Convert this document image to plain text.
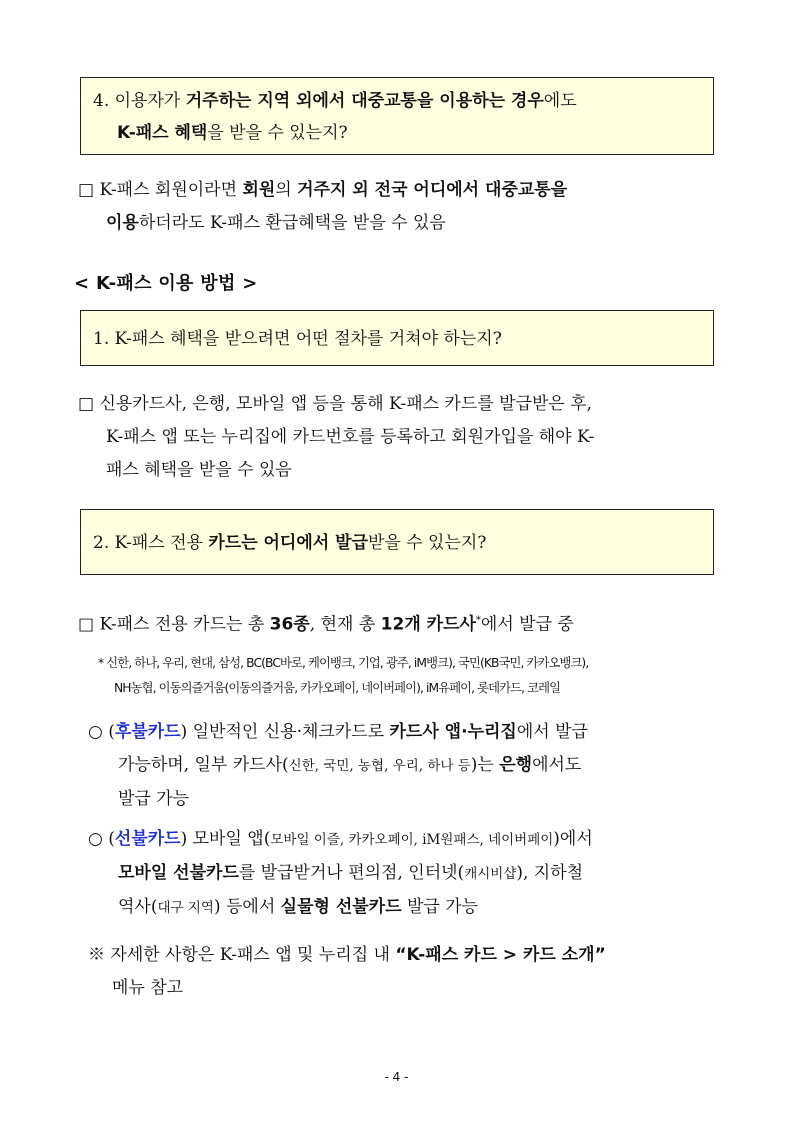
4. 이용자가 거주하는 지역 외에서 대중교통을 이용하는 경우에도
K-패스 혜택을 받을 수 있는지?
□ K-패스 회원이라면 회원의 거주지 외 전국 어디에서 대중교통을
이용하더라도 K-패스 환급혜택을 받을 수 있음
< K-패스 이용 방법 >
1. K-패스 혜택을 받으려면 어떤 절차를 거쳐야 하는지?
□ 신용카드사, 은행, 모바일 앱 등을 통해 K-패스 카드를 발급받은 후,
K-패스 앱 또는 누리집에 카드번호를 등록하고 회원가입을 해야 K-
패스 혜택을 받을 수 있음
2. K-패스 전용 카드는 어디에서 발급받을 수 있는지?
□ K-패스 전용 카드는 총 36종, 현재 총 12개 카드사*에서 발급 중
* 신한, 하나, 우리, 현대, 삼성, BC(BC바로, 케이뱅크, 기업, 광주, iM뱅크), 국민(KB국민, 카카오뱅크),
NH농협, 이동의즐거움(이동의즐거움, 카카오페이, 네이버페이), iM유페이, 롯데카드, 코레일
○ (후불카드) 일반적인 신용·체크카드로 카드사 앱·누리집에서 발급
가능하며, 일부 카드사(신한, 국민, 농협, 우리, 하나 등)는 은행에서도
발급 가능
○ (선불카드) 모바일 앱(모바일 이즐, 카카오페이, iM원패스, 네이버페이)에서
모바일 선불카드를 발급받거나 편의점, 인터넷(캐시비샵), 지하철
역사(대구 지역) 등에서 실물형 선불카드 발급 가능
※ 자세한 사항은 K-패스 앱 및 누리집 내 “K-패스 카드 > 카드 소개”
메뉴 참고
- 4 -
